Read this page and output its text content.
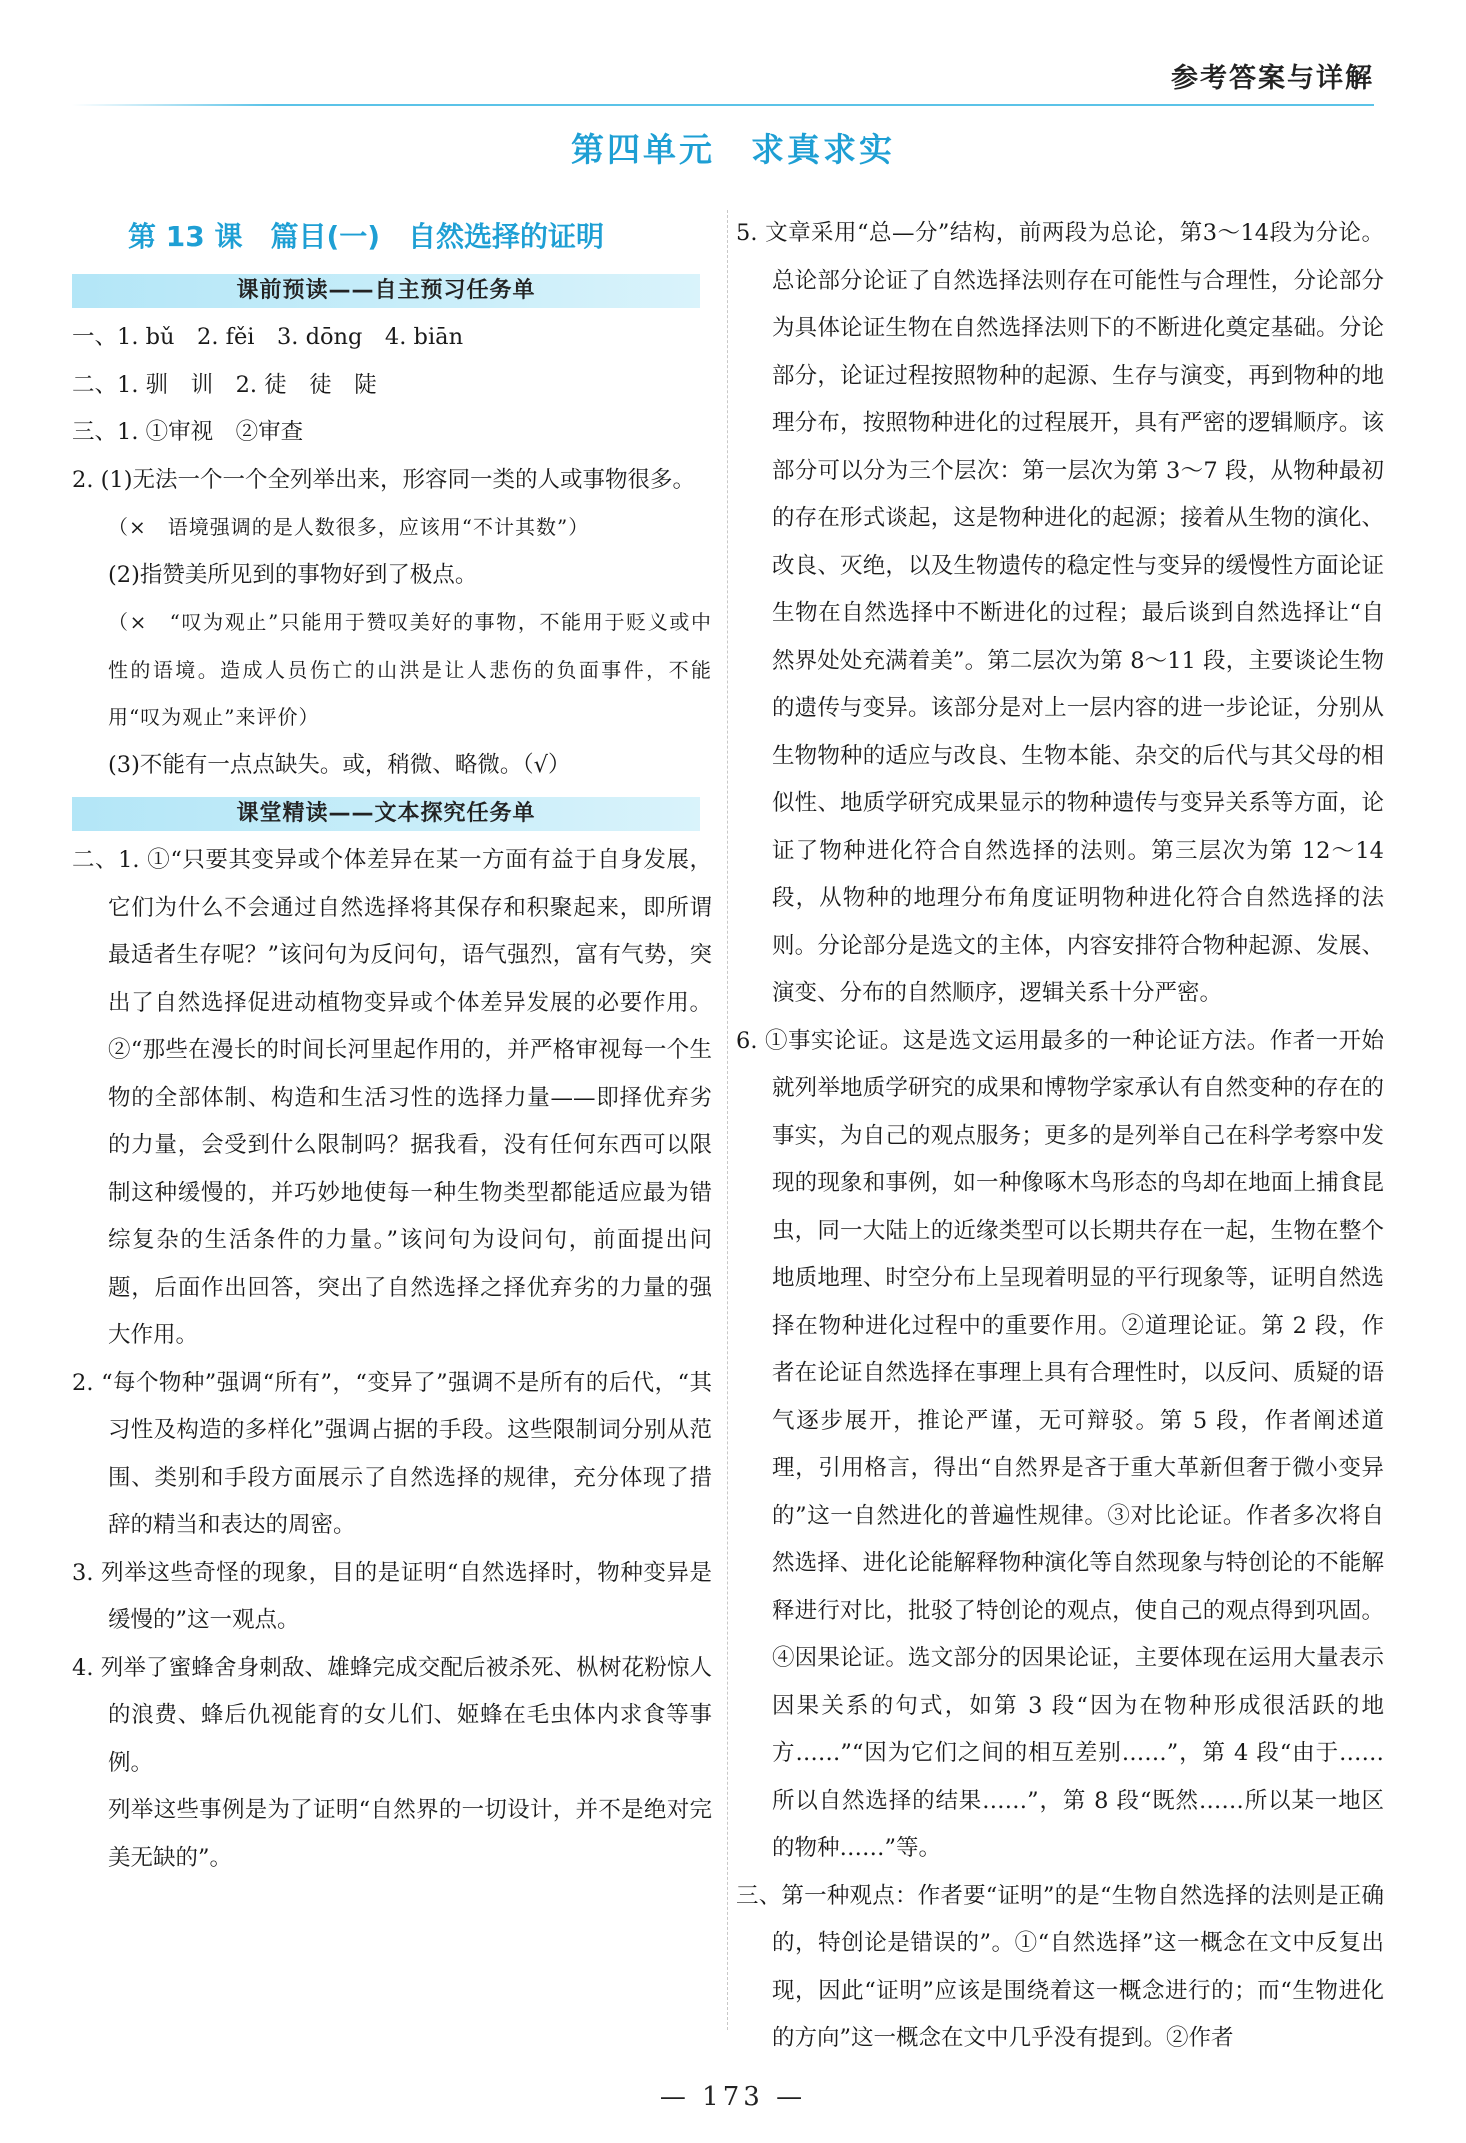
参考答案与详解
第四单元　求真求实
第 13 课　篇目(一)　自然选择的证明
课前预读——自主预习任务单

一、1. bǔ　2. fěi　3. dōng　4. biān

二、1. 驯　训　2. 徒　徒　陡

三、1. ①审视　②审查

2. (1)无法一个一个全列举出来，形容同一类的人或事物很多。

（×　语境强调的是人数很多，应该用“不计其数”）

(2)指赞美所见到的事物好到了极点。

（×　“叹为观止”只能用于赞叹美好的事物，不能用于贬义或中性的语境。造成人员伤亡的山洪是让人悲伤的负面事件，不能用“叹为观止”来评价）

(3)不能有一点点缺失。或，稍微、略微。（√）

课堂精读——文本探究任务单

二、1. ①“只要其变异或个体差异在某一方面有益于自身发展，它们为什么不会通过自然选择将其保存和积聚起来，即所谓最适者生存呢？”该问句为反问句，语气强烈，富有气势，突出了自然选择促进动植物变异或个体差异发展的必要作用。②“那些在漫长的时间长河里起作用的，并严格审视每一个生物的全部体制、构造和生活习性的选择力量——即择优弃劣的力量，会受到什么限制吗？据我看，没有任何东西可以限制这种缓慢的，并巧妙地使每一种生物类型都能适应最为错综复杂的生活条件的力量。”该问句为设问句，前面提出问题，后面作出回答，突出了自然选择之择优弃劣的力量的强大作用。

2. “每个物种”强调“所有”，“变异了”强调不是所有的后代，“其习性及构造的多样化”强调占据的手段。这些限制词分别从范围、类别和手段方面展示了自然选择的规律，充分体现了措辞的精当和表达的周密。

3. 列举这些奇怪的现象，目的是证明“自然选择时，物种变异是缓慢的”这一观点。

4. 列举了蜜蜂舍身刺敌、雄蜂完成交配后被杀死、枞树花粉惊人的浪费、蜂后仇视能育的女儿们、姬蜂在毛虫体内求食等事例。

列举这些事例是为了证明“自然界的一切设计，并不是绝对完美无缺的”。

5. 文章采用“总—分”结构，前两段为总论，第3～14段为分论。总论部分论证了自然选择法则存在可能性与合理性，分论部分为具体论证生物在自然选择法则下的不断进化奠定基础。分论部分，论证过程按照物种的起源、生存与演变，再到物种的地理分布，按照物种进化的过程展开，具有严密的逻辑顺序。该部分可以分为三个层次：第一层次为第 3～7 段，从物种最初的存在形式谈起，这是物种进化的起源；接着从生物的演化、改良、灭绝，以及生物遗传的稳定性与变异的缓慢性方面论证生物在自然选择中不断进化的过程；最后谈到自然选择让“自然界处处充满着美”。第二层次为第 8～11 段，主要谈论生物的遗传与变异。该部分是对上一层内容的进一步论证，分别从生物物种的适应与改良、生物本能、杂交的后代与其父母的相似性、地质学研究成果显示的物种遗传与变异关系等方面，论证了物种进化符合自然选择的法则。第三层次为第 12～14 段，从物种的地理分布角度证明物种进化符合自然选择的法则。分论部分是选文的主体，内容安排符合物种起源、发展、演变、分布的自然顺序，逻辑关系十分严密。

6. ①事实论证。这是选文运用最多的一种论证方法。作者一开始就列举地质学研究的成果和博物学家承认有自然变种的存在的事实，为自己的观点服务；更多的是列举自己在科学考察中发现的现象和事例，如一种像啄木鸟形态的鸟却在地面上捕食昆虫，同一大陆上的近缘类型可以长期共存在一起，生物在整个地质地理、时空分布上呈现着明显的平行现象等，证明自然选择在物种进化过程中的重要作用。②道理论证。第 2 段，作者在论证自然选择在事理上具有合理性时，以反问、质疑的语气逐步展开，推论严谨，无可辩驳。第 5 段，作者阐述道理，引用格言，得出“自然界是吝于重大革新但奢于微小变异的”这一自然进化的普遍性规律。③对比论证。作者多次将自然选择、进化论能解释物种演化等自然现象与特创论的不能解释进行对比，批驳了特创论的观点，使自己的观点得到巩固。④因果论证。选文部分的因果论证，主要体现在运用大量表示因果关系的句式，如第 3 段“因为在物种形成很活跃的地方……”“因为它们之间的相互差别……”，第 4 段“由于……所以自然选择的结果……”，第 8 段“既然……所以某一地区的物种……”等。

三、第一种观点：作者要“证明”的是“生物自然选择的法则是正确的，特创论是错误的”。①“自然选择”这一概念在文中反复出现，因此“证明”应该是围绕着这一概念进行的；而“生物进化的方向”这一概念在文中几乎没有提到。②作者

— 173 —
